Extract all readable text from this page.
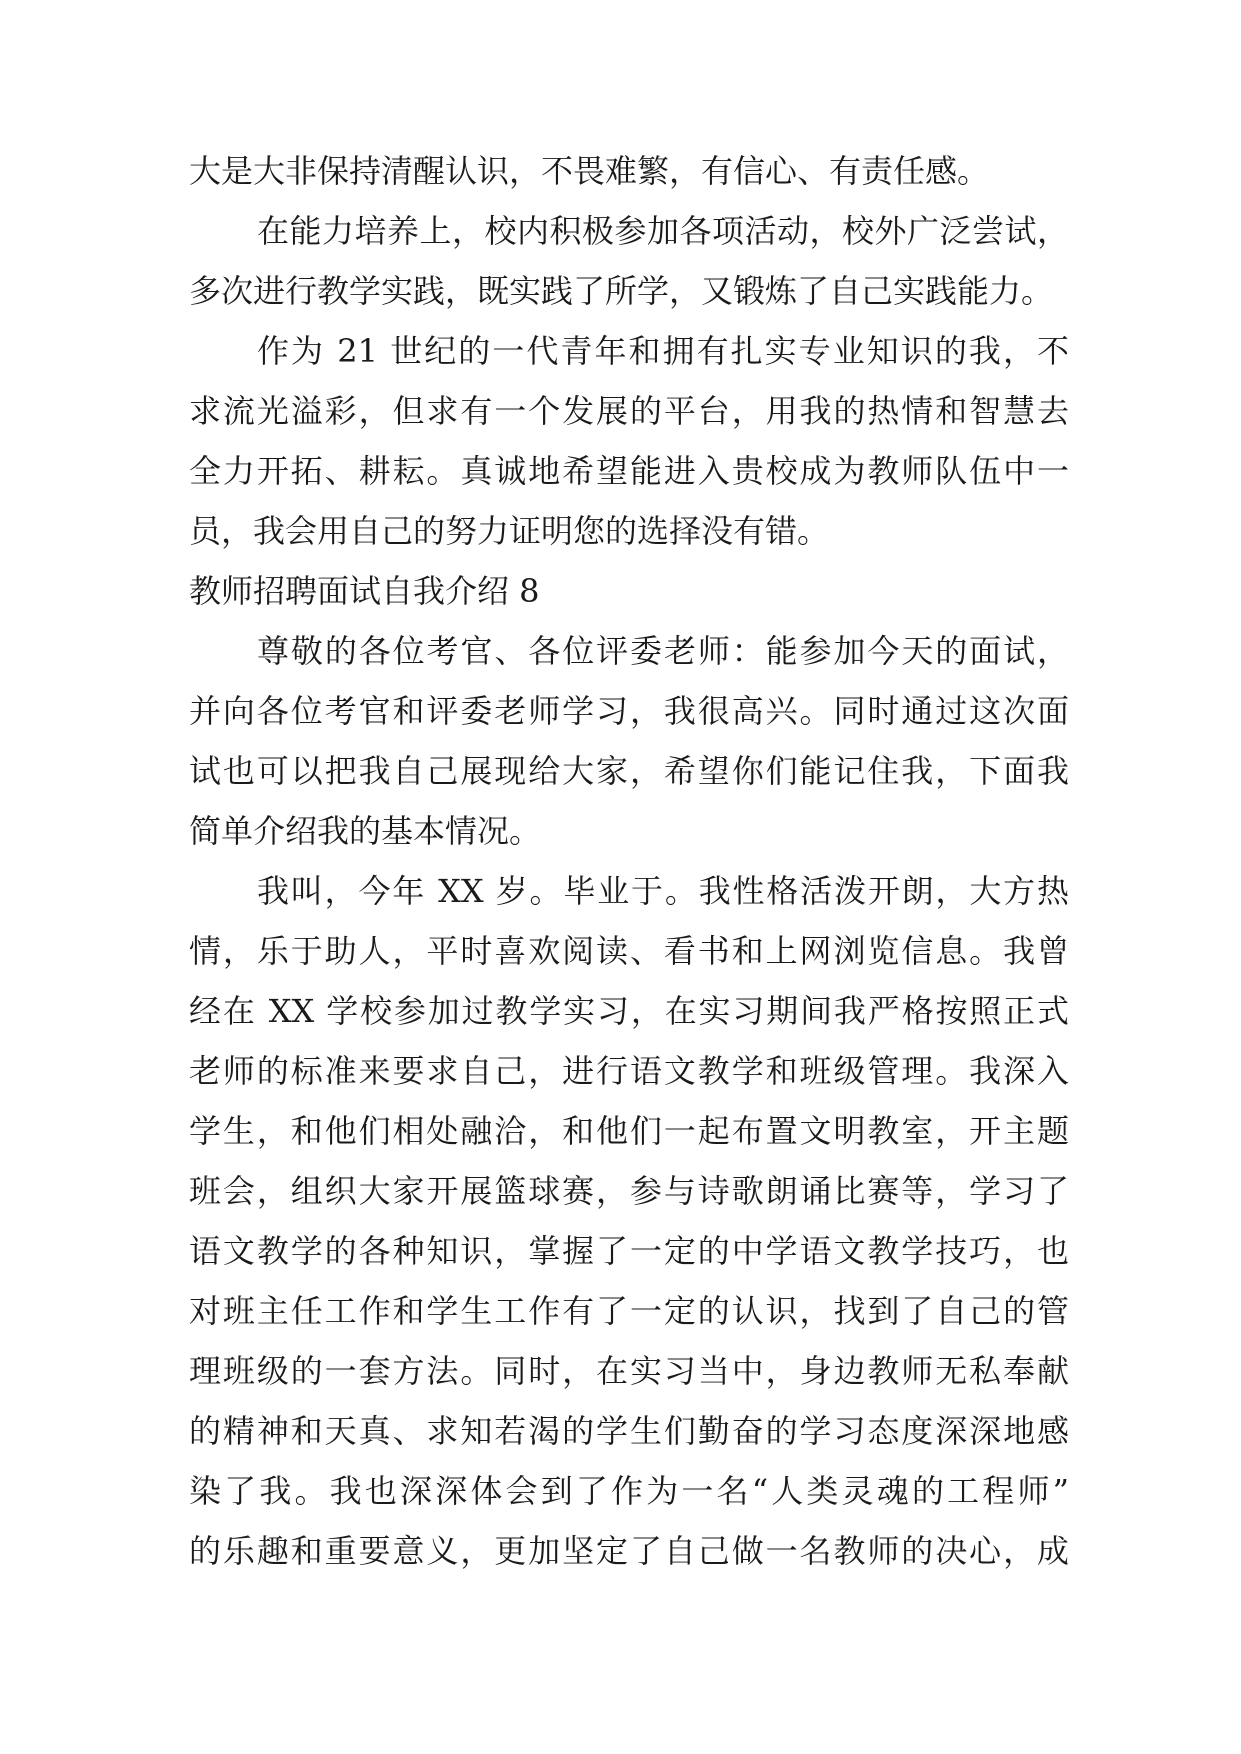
大是大非保持清醒认识，不畏难繁，有信心、有责任感。
在能力培养上，校内积极参加各项活动，校外广泛尝试，
多次进行教学实践，既实践了所学，又锻炼了自己实践能力。
作为 21 世纪的一代青年和拥有扎实专业知识的我，不
求流光溢彩，但求有一个发展的平台，用我的热情和智慧去
全力开拓、耕耘。真诚地希望能进入贵校成为教师队伍中一
员，我会用自己的努力证明您的选择没有错。
教师招聘面试自我介绍 8
尊敬的各位考官、各位评委老师：能参加今天的面试，
并向各位考官和评委老师学习，我很高兴。同时通过这次面
试也可以把我自己展现给大家，希望你们能记住我，下面我
简单介绍我的基本情况。
我叫，今年 XX 岁。毕业于。我性格活泼开朗，大方热
情，乐于助人，平时喜欢阅读、看书和上网浏览信息。我曾
经在 XX 学校参加过教学实习，在实习期间我严格按照正式
老师的标准来要求自己，进行语文教学和班级管理。我深入
学生，和他们相处融洽，和他们一起布置文明教室，开主题
班会，组织大家开展篮球赛，参与诗歌朗诵比赛等，学习了
语文教学的各种知识，掌握了一定的中学语文教学技巧，也
对班主任工作和学生工作有了一定的认识，找到了自己的管
理班级的一套方法。同时，在实习当中，身边教师无私奉献
的精神和天真、求知若渴的学生们勤奋的学习态度深深地感
染了我。我也深深体会到了作为一名“人类灵魂的工程师”
的乐趣和重要意义，更加坚定了自己做一名教师的决心，成
